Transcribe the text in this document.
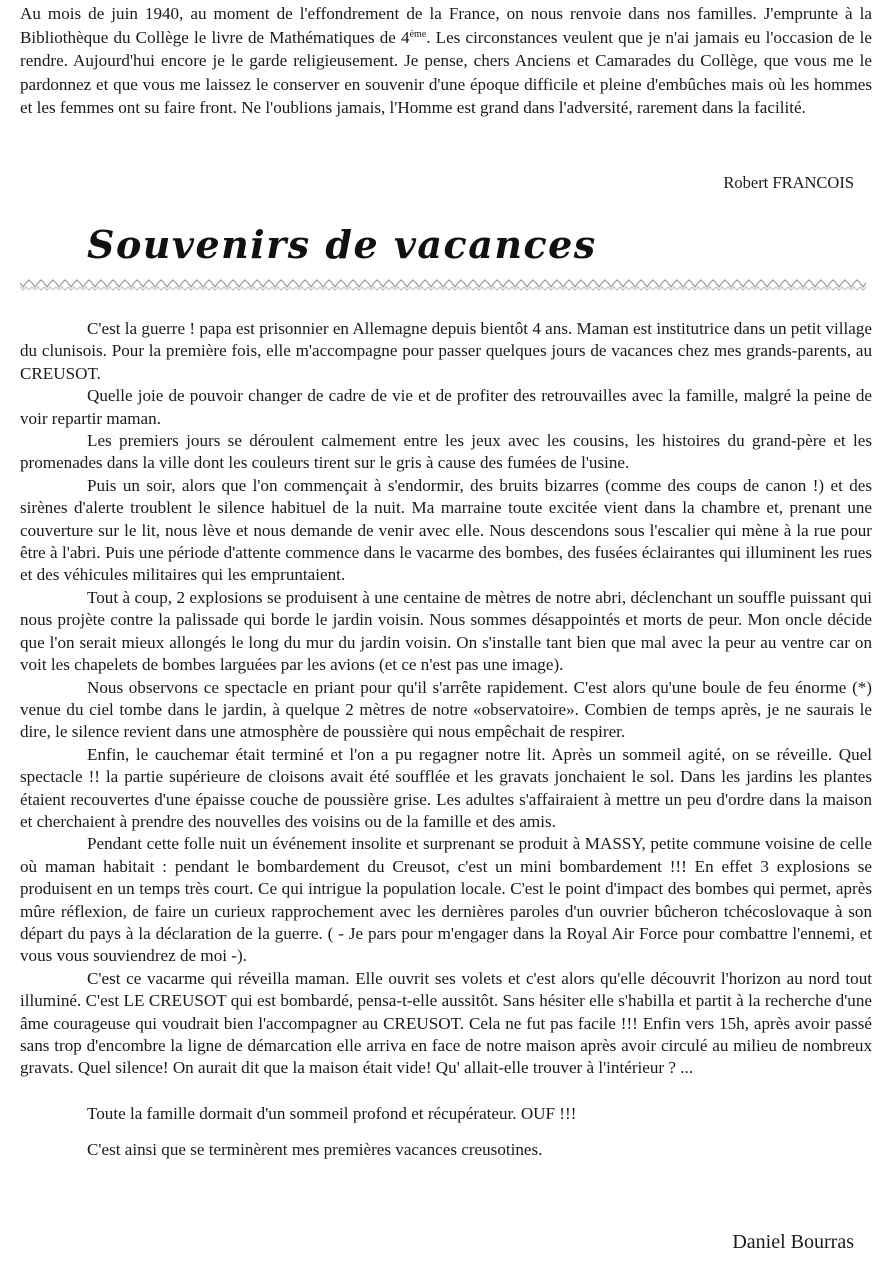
Au mois de juin 1940, au moment de l'effondrement de la France, on nous renvoie dans nos familles. J'emprunte à la Bibliothèque du Collège le livre de Mathématiques de 4ème. Les circonstances veulent que je n'ai jamais eu l'occasion de le rendre. Aujourd'hui encore je le garde religieusement. Je pense, chers Anciens et Camarades du Collège, que vous me le pardonnez et que vous me laissez le conserver en souvenir d'une époque difficile et pleine d'embûches mais où les hommes et les femmes ont su faire front. Ne l'oublions jamais, l'Homme est grand dans l'adversité, rarement dans la facilité.

Robert FRANCOIS

Souvenirs de vacances

C'est la guerre ! papa est prisonnier en Allemagne depuis bientôt 4 ans. Maman est institutrice dans un petit village du clunisois. Pour la première fois, elle m'accompagne pour passer quelques jours de vacances chez mes grands-parents, au CREUSOT.

Quelle joie de pouvoir changer de cadre de vie et de profiter des retrouvailles avec la famille, malgré la peine de voir repartir maman.

Les premiers jours se déroulent calmement entre les jeux avec les cousins, les histoires du grand-père et les promenades dans la ville dont les couleurs tirent sur le gris à cause des fumées de l'usine.

Puis un soir, alors que l'on commençait à s'endormir, des bruits bizarres (comme des coups de canon !) et des sirènes d'alerte troublent le silence habituel de la nuit. Ma marraine toute excitée vient dans la chambre et, prenant une couverture sur le lit, nous lève et nous demande de venir avec elle. Nous descendons sous l'escalier qui mène à la rue pour être à l'abri. Puis une période d'attente commence dans le vacarme des bombes, des fusées éclairantes qui illuminent les rues et des véhicules militaires qui les empruntaient.

Tout à coup, 2 explosions se produisent à une centaine de mètres de notre abri, déclenchant un souffle puissant qui nous projète contre la palissade qui borde le jardin voisin. Nous sommes désappointés et morts de peur. Mon oncle décide que l'on serait mieux allongés le long du mur du jardin voisin. On s'installe tant bien que mal avec la peur au ventre car on voit les chapelets de bombes larguées par les avions (et ce n'est pas une image).

Nous observons ce spectacle en priant pour qu'il s'arrête rapidement. C'est alors qu'une boule de feu énorme (*) venue du ciel tombe dans le jardin, à quelque 2 mètres de notre «observatoire». Combien de temps après, je ne saurais le dire, le silence revient dans une atmosphère de poussière qui nous empêchait de respirer.

Enfin, le cauchemar était terminé et l'on a pu regagner notre lit. Après un sommeil agité, on se réveille. Quel spectacle !! la partie supérieure de cloisons avait été soufflée et les gravats jonchaient le sol. Dans les jardins les plantes étaient recouvertes d'une épaisse couche de poussière grise. Les adultes s'affairaient à mettre un peu d'ordre dans la maison et cherchaient à prendre des nouvelles des voisins ou de la famille et des amis.

Pendant cette folle nuit un événement insolite et surprenant se produit à MASSY, petite commune voisine de celle où maman habitait : pendant le bombardement du Creusot, c'est un mini bombardement !!! En effet 3 explosions se produisent en un temps très court. Ce qui intrigue la population locale. C'est le point d'impact des bombes qui permet, après mûre réflexion, de faire un curieux rapprochement avec les dernières paroles d'un ouvrier bûcheron tchécoslovaque à son départ du pays à la déclaration de la guerre. ( - Je pars pour m'engager dans la Royal Air Force pour combattre l'ennemi, et vous vous souviendrez de moi -).

C'est ce vacarme qui réveilla maman. Elle ouvrit ses volets et c'est alors qu'elle découvrit l'horizon au nord tout illuminé. C'est LE CREUSOT qui est bombardé, pensa-t-elle aussitôt. Sans hésiter elle s'habilla et partit à la recherche d'une âme courageuse qui voudrait bien l'accompagner au CREUSOT. Cela ne fut pas facile !!! Enfin vers 15h, après avoir passé sans trop d'encombre la ligne de démarcation elle arriva en face de notre maison après avoir circulé au milieu de nombreux gravats. Quel silence! On aurait dit que la maison était vide! Qu' allait-elle trouver à l'intérieur ? ...

Toute la famille dormait d'un sommeil profond et récupérateur. OUF !!!

C'est ainsi que se terminèrent mes premières vacances creusotines.

Daniel Bourras
